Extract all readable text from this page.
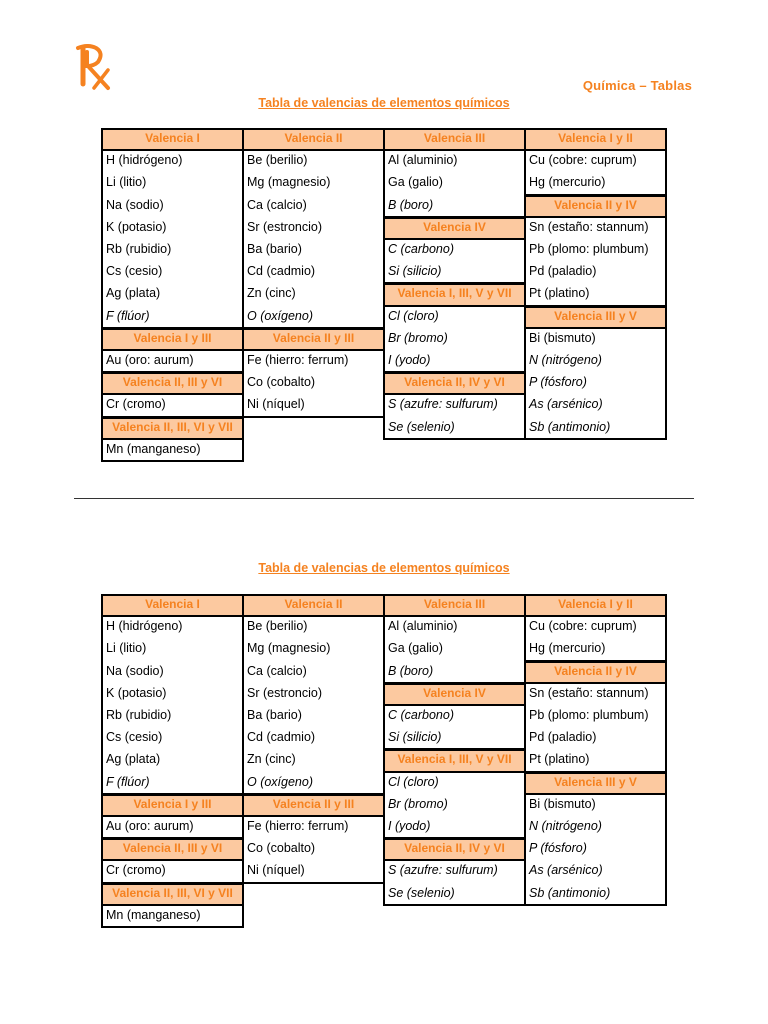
Química – Tablas
Tabla de valencias de elementos químicos
Valencia I
H (hidrógeno)
Li (litio)
Na (sodio)
K (potasio)
Rb (rubidio)
Cs (cesio)
Ag (plata)
F (flúor)
Valencia I y III
Au (oro: aurum)
Valencia II, III y VI
Cr (cromo)
Valencia II, III, VI y VII
Mn (manganeso)
Valencia II
Be (berilio)
Mg (magnesio)
Ca (calcio)
Sr (estroncio)
Ba (bario)
Cd (cadmio)
Zn (cinc)
O (oxígeno)
Valencia II y III
Fe (hierro: ferrum)
Co (cobalto)
Ni (níquel)
Valencia III
Al (aluminio)
Ga (galio)
B (boro)
Valencia IV
C (carbono)
Si (silicio)
Valencia I, III, V y VII
Cl (cloro)
Br (bromo)
I (yodo)
Valencia II, IV y VI
S (azufre: sulfurum)
Se (selenio)
Valencia I y II
Cu (cobre: cuprum)
Hg (mercurio)
Valencia II y IV
Sn (estaño: stannum)
Pb (plomo: plumbum)
Pd (paladio)
Pt (platino)
Valencia III y V
Bi (bismuto)
N (nitrógeno)
P (fósforo)
As (arsénico)
Sb (antimonio)
Tabla de valencias de elementos químicos
Valencia I
H (hidrógeno)
Li (litio)
Na (sodio)
K (potasio)
Rb (rubidio)
Cs (cesio)
Ag (plata)
F (flúor)
Valencia I y III
Au (oro: aurum)
Valencia II, III y VI
Cr (cromo)
Valencia II, III, VI y VII
Mn (manganeso)
Valencia II
Be (berilio)
Mg (magnesio)
Ca (calcio)
Sr (estroncio)
Ba (bario)
Cd (cadmio)
Zn (cinc)
O (oxígeno)
Valencia II y III
Fe (hierro: ferrum)
Co (cobalto)
Ni (níquel)
Valencia III
Al (aluminio)
Ga (galio)
B (boro)
Valencia IV
C (carbono)
Si (silicio)
Valencia I, III, V y VII
Cl (cloro)
Br (bromo)
I (yodo)
Valencia II, IV y VI
S (azufre: sulfurum)
Se (selenio)
Valencia I y II
Cu (cobre: cuprum)
Hg (mercurio)
Valencia II y IV
Sn (estaño: stannum)
Pb (plomo: plumbum)
Pd (paladio)
Pt (platino)
Valencia III y V
Bi (bismuto)
N (nitrógeno)
P (fósforo)
As (arsénico)
Sb (antimonio)
